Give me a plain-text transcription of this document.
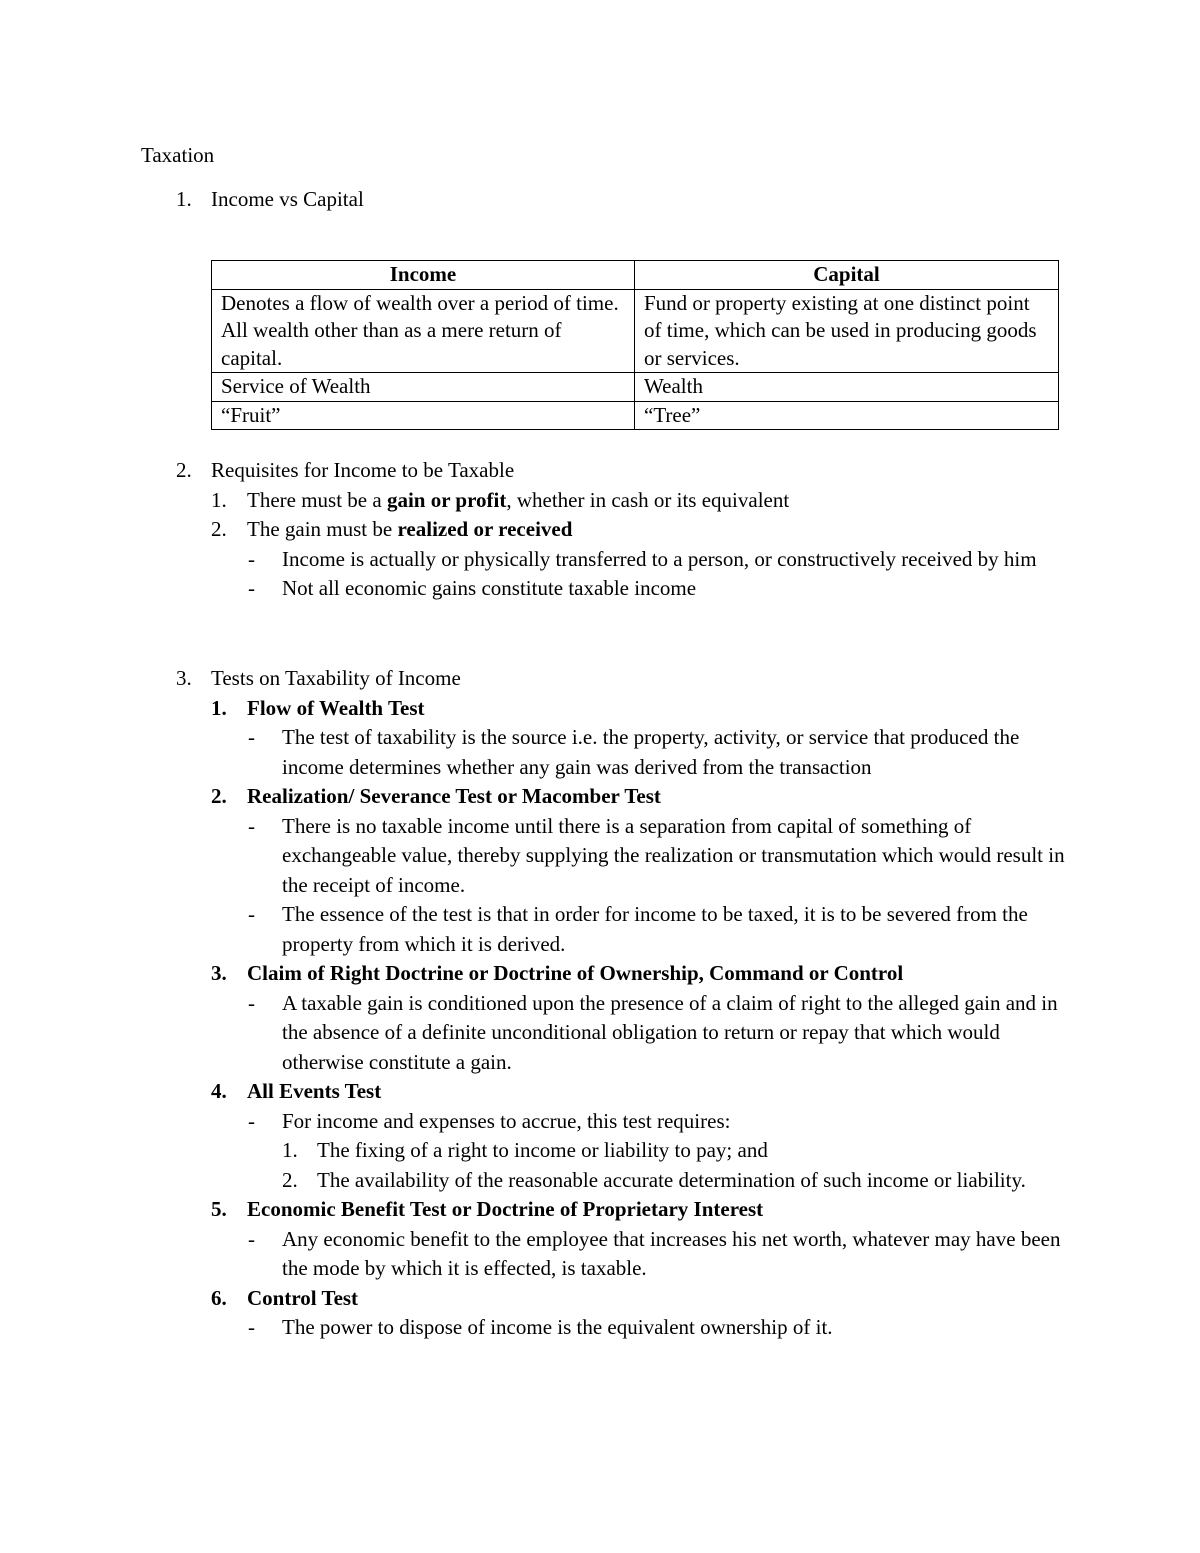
Taxation
1. Income vs Capital
Income	Capital
Denotes a flow of wealth over a period of time. All wealth other than as a mere return of capital.	Fund or property existing at one distinct point of time, which can be used in producing goods or services.
Service of Wealth	Wealth
“Fruit”	“Tree”
2. Requisites for Income to be Taxable
1. There must be a gain or profit, whether in cash or its equivalent
2. The gain must be realized or received
- Income is actually or physically transferred to a person, or constructively received by him
- Not all economic gains constitute taxable income
3. Tests on Taxability of Income
1. Flow of Wealth Test
- The test of taxability is the source i.e. the property, activity, or service that produced the income determines whether any gain was derived from the transaction
2. Realization/ Severance Test or Macomber Test
- There is no taxable income until there is a separation from capital of something of exchangeable value, thereby supplying the realization or transmutation which would result in the receipt of income.
- The essence of the test is that in order for income to be taxed, it is to be severed from the property from which it is derived.
3. Claim of Right Doctrine or Doctrine of Ownership, Command or Control
- A taxable gain is conditioned upon the presence of a claim of right to the alleged gain and in the absence of a definite unconditional obligation to return or repay that which would otherwise constitute a gain.
4. All Events Test
- For income and expenses to accrue, this test requires:
1. The fixing of a right to income or liability to pay; and
2. The availability of the reasonable accurate determination of such income or liability.
5. Economic Benefit Test or Doctrine of Proprietary Interest
- Any economic benefit to the employee that increases his net worth, whatever may have been the mode by which it is effected, is taxable.
6. Control Test
- The power to dispose of income is the equivalent ownership of it.
